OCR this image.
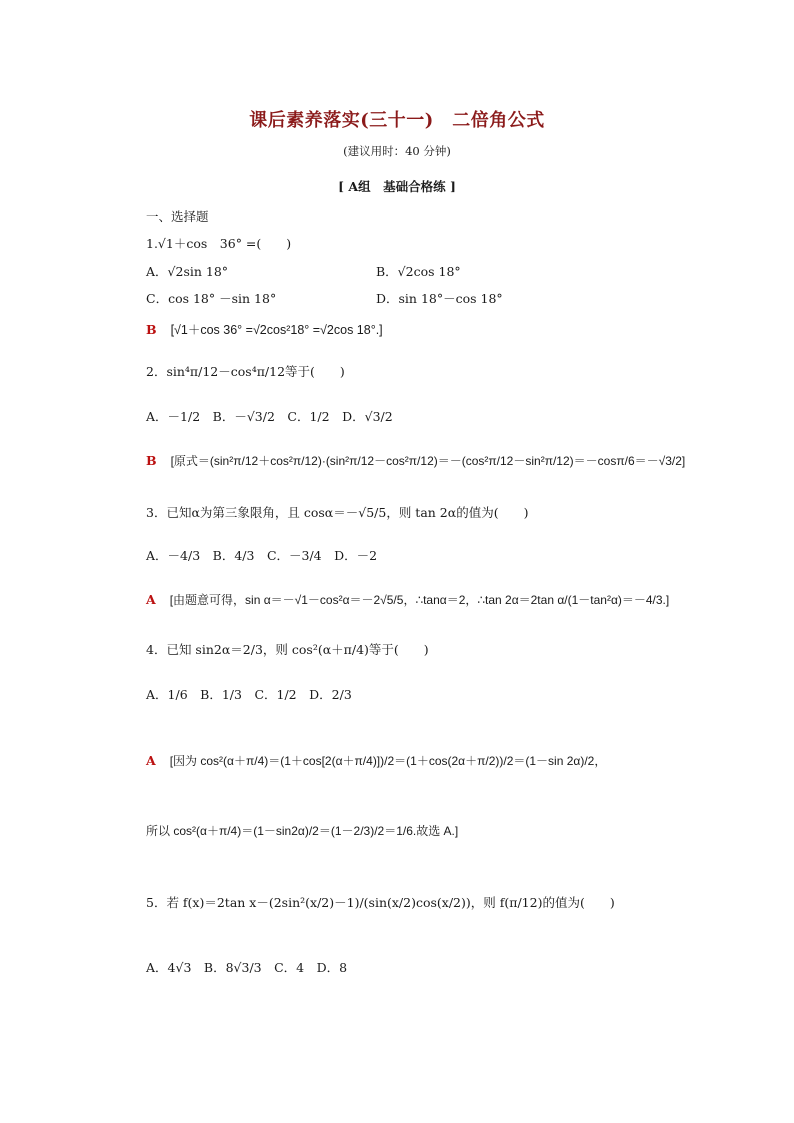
课后素养落实(三十一)　二倍角公式
(建议用时：40 分钟)
[ A组　基础合格练 ]
一、选择题
1.√1＋cos　36° =(　　)
A．√2sin 18°	B．√2cos 18°
C．cos 18° －sin 18°	D．sin 18°－cos 18°
B [√1＋cos 36° =√2cos²18° =√2cos 18°.]
2．sin⁴π/12－cos⁴π/12等于(　　)
A．－1/2　B．－√3/2　C．1/2　D．√3/2
B [原式＝(sin²π/12＋cos²π/12)·(sin²π/12－cos²π/12)＝－(cos²π/12－sin²π/12)＝－cosπ/6＝－√3/2]
3．已知α为第三象限角，且 cosα＝－√5/5，则 tan 2α的值为(　　)
A．－4/3　B．4/3　C．－3/4　D．－2
A [由题意可得，sin α＝－√1－cos²α＝－2√5/5，∴tanα＝2，∴tan 2α＝2tan α/(1－tan²α)＝－4/3.]
4．已知 sin2α＝2/3，则 cos²(α＋π/4)等于(　　)
A．1/6　B．1/3　C．1/2　D．2/3
A [因为 cos²(α＋π/4)＝(1＋cos[2(α＋π/4)])/2＝(1＋cos(2α＋π/2))/2＝(1－sin 2α)/2，
所以 cos²(α＋π/4)＝(1－sin2α)/2＝(1－2/3)/2＝1/6.故选 A.]
5．若 f(x)＝2tan x－(2sin²(x/2)－1)/(sin(x/2)cos(x/2))，则 f(π/12)的值为(　　)
A．4√3　B．8√3/3　C．4　D．8
